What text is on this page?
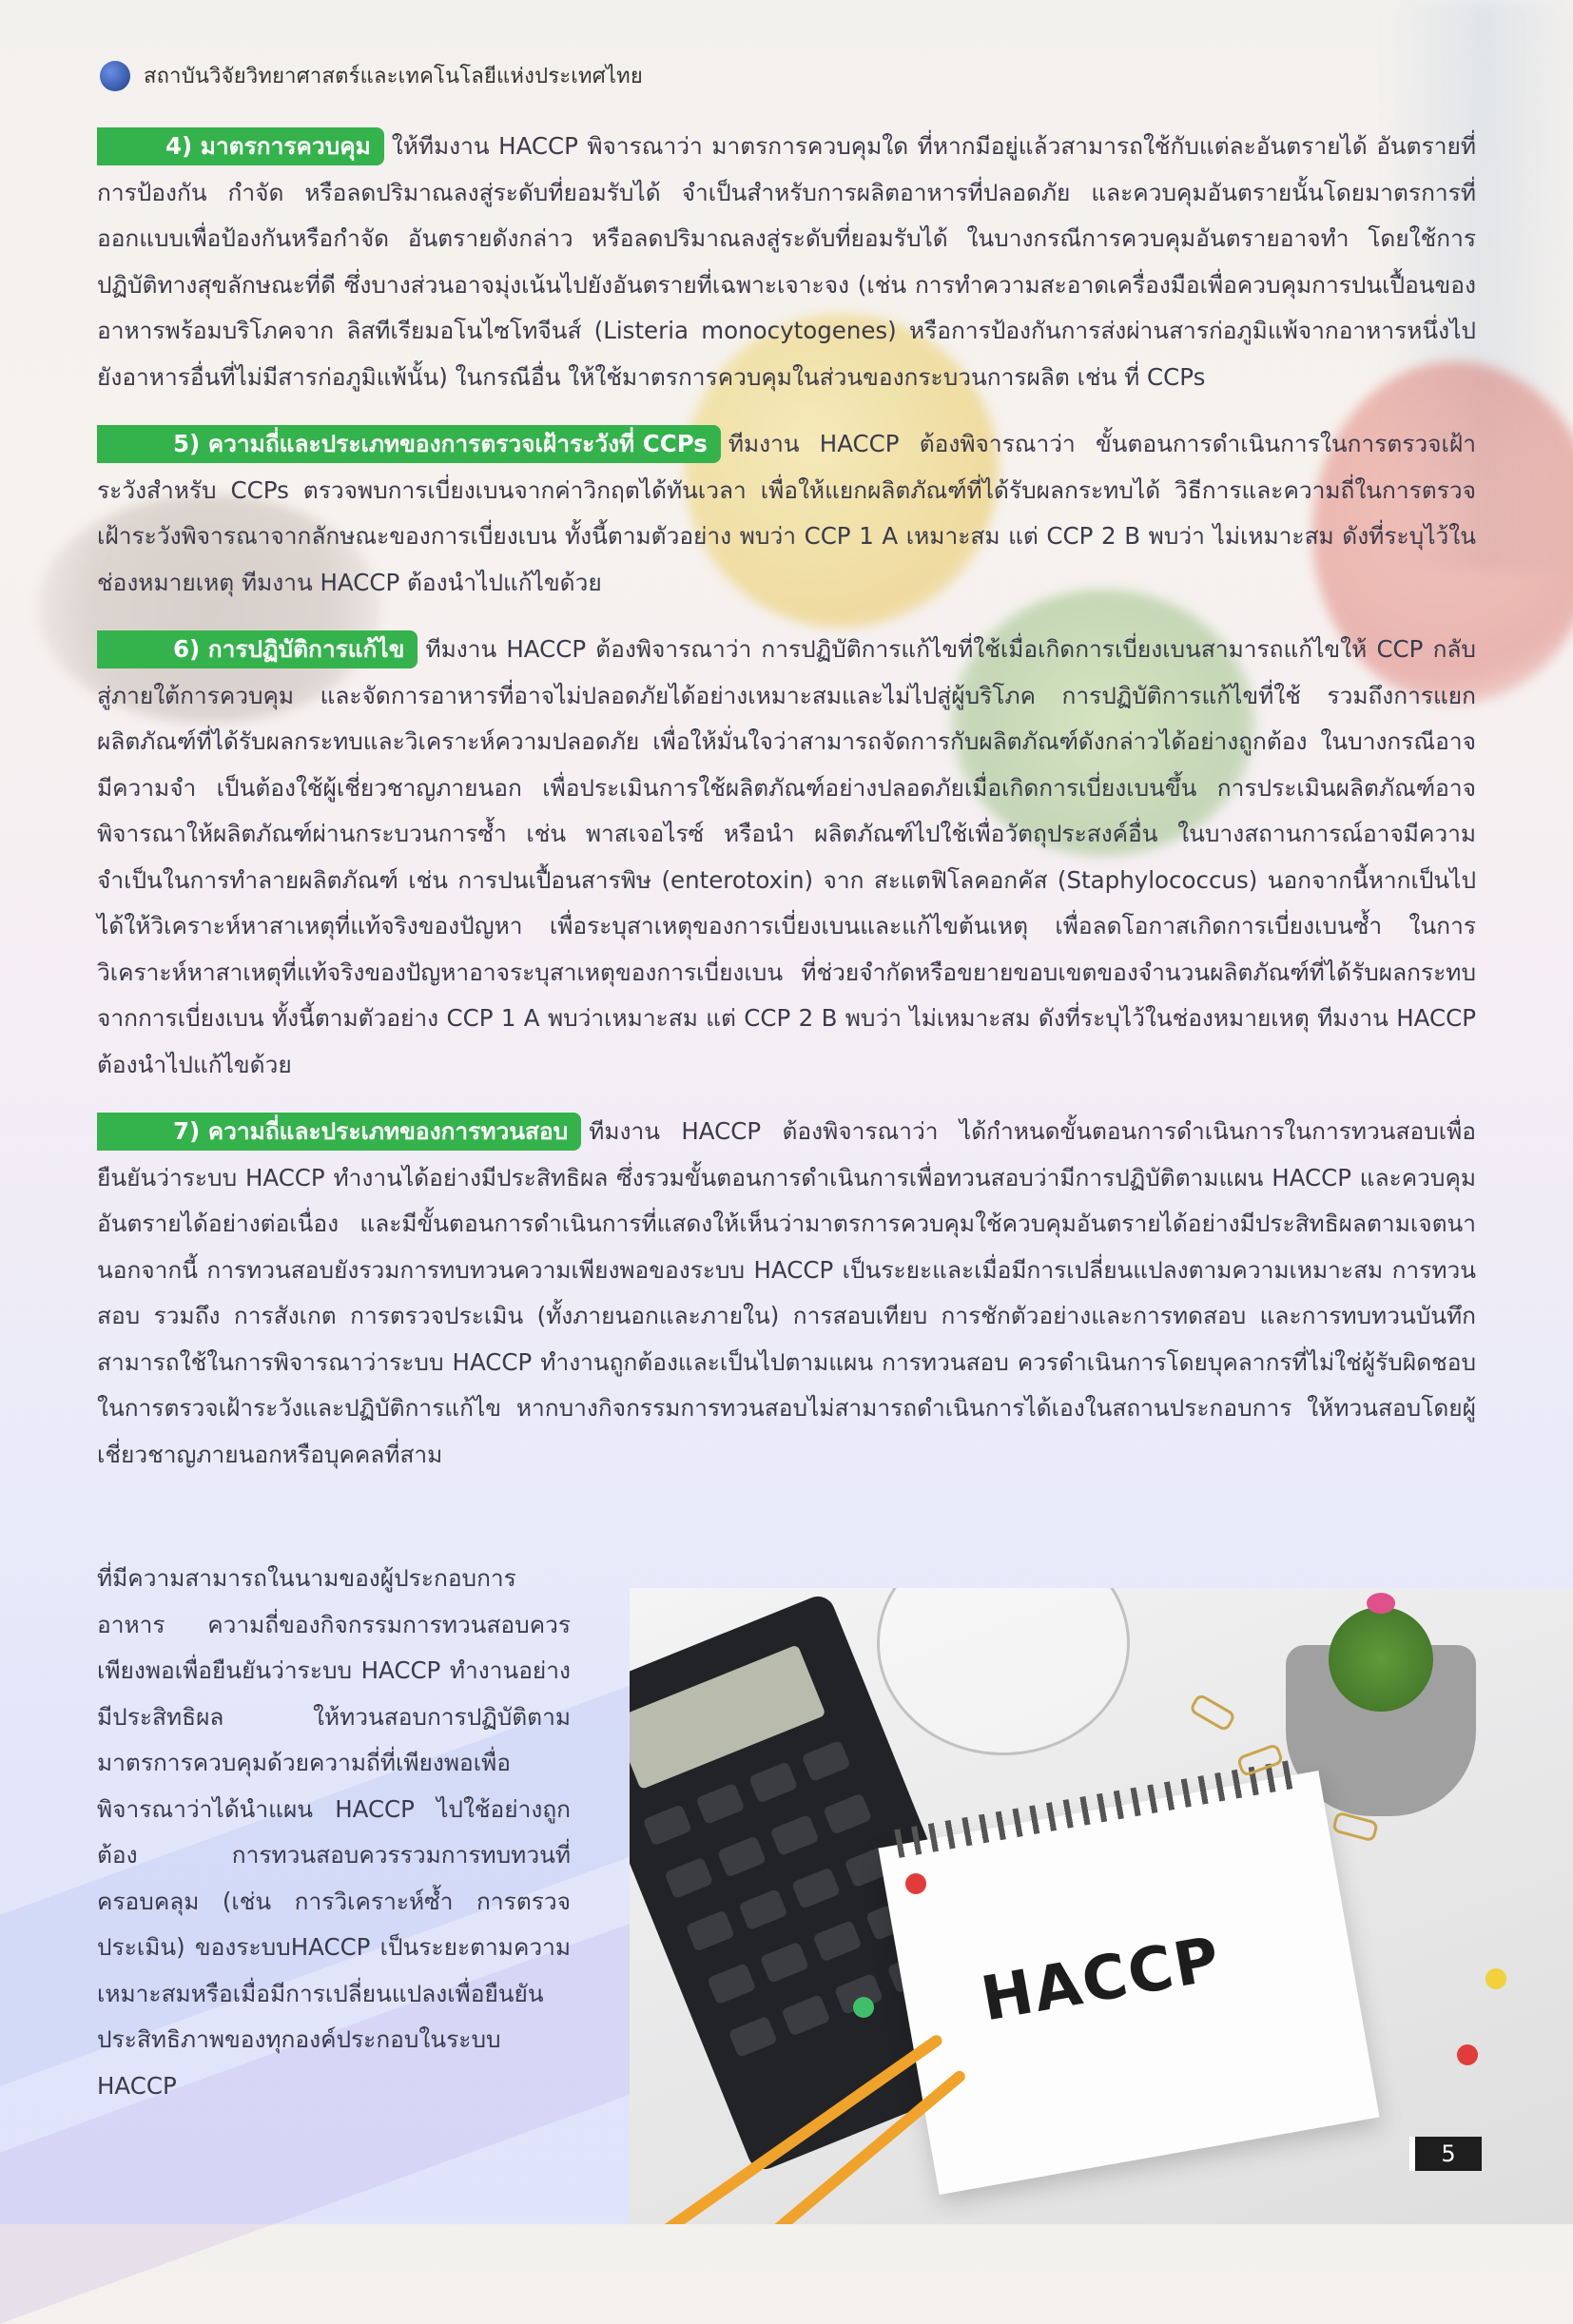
สถาบันวิจัยวิทยาศาสตร์และเทคโนโลยีแห่งประเทศไทย

4) มาตรการควบคุม ให้ทีมงาน HACCP พิจารณาว่า มาตรการควบคุมใด ที่หากมีอยู่แล้วสามารถใช้กับแต่ละอันตรายได้ อันตรายที่การป้องกัน กำจัด หรือลดปริมาณลงสู่ระดับที่ยอมรับได้ จำเป็นสำหรับการผลิตอาหารที่ปลอดภัย และควบคุมอันตรายนั้นโดยมาตรการที่ออกแบบเพื่อป้องกันหรือกำจัด อันตรายดังกล่าว หรือลดปริมาณลงสู่ระดับที่ยอมรับได้ ในบางกรณีการควบคุมอันตรายอาจทำ โดยใช้การปฏิบัติทางสุขลักษณะที่ดี ซึ่งบางส่วนอาจมุ่งเน้นไปยังอันตรายที่เฉพาะเจาะจง (เช่น การทำความสะอาดเครื่องมือเพื่อควบคุมการปนเปื้อนของอาหารพร้อมบริโภคจาก ลิสทีเรียมอโนไซโทจีนส์ (Listeria monocytogenes) หรือการป้องกันการส่งผ่านสารก่อภูมิแพ้จากอาหารหนึ่งไปยังอาหารอื่นที่ไม่มีสารก่อภูมิแพ้นั้น) ในกรณีอื่น ให้ใช้มาตรการควบคุมในส่วนของกระบวนการผลิต เช่น ที่ CCPs

5) ความถี่และประเภทของการตรวจเฝ้าระวังที่ CCPs ทีมงาน HACCP ต้องพิจารณาว่า ขั้นตอนการดำเนินการในการตรวจเฝ้าระวังสำหรับ CCPs ตรวจพบการเบี่ยงเบนจากค่าวิกฤตได้ทันเวลา เพื่อให้แยกผลิตภัณฑ์ที่ได้รับผลกระทบได้ วิธีการและความถี่ในการตรวจเฝ้าระวังพิจารณาจากลักษณะของการเบี่ยงเบน ทั้งนี้ตามตัวอย่าง พบว่า CCP 1 A เหมาะสม แต่ CCP 2 B พบว่า ไม่เหมาะสม ดังที่ระบุไว้ในช่องหมายเหตุ ทีมงาน HACCP ต้องนำไปแก้ไขด้วย

6) การปฏิบัติการแก้ไข ทีมงาน HACCP ต้องพิจารณาว่า การปฏิบัติการแก้ไขที่ใช้เมื่อเกิดการเบี่ยงเบนสามารถแก้ไขให้ CCP กลับสู่ภายใต้การควบคุม และจัดการอาหารที่อาจไม่ปลอดภัยได้อย่างเหมาะสมและไม่ไปสู่ผู้บริโภค การปฏิบัติการแก้ไขที่ใช้ รวมถึงการแยกผลิตภัณฑ์ที่ได้รับผลกระทบและวิเคราะห์ความปลอดภัย เพื่อให้มั่นใจว่าสามารถจัดการกับผลิตภัณฑ์ดังกล่าวได้อย่างถูกต้อง ในบางกรณีอาจมีความจำ เป็นต้องใช้ผู้เชี่ยวชาญภายนอก เพื่อประเมินการใช้ผลิตภัณฑ์อย่างปลอดภัยเมื่อเกิดการเบี่ยงเบนขึ้น การประเมินผลิตภัณฑ์อาจพิจารณาให้ผลิตภัณฑ์ผ่านกระบวนการซ้ำ เช่น พาสเจอไรซ์ หรือนำ ผลิตภัณฑ์ไปใช้เพื่อวัตถุประสงค์อื่น ในบางสถานการณ์อาจมีความจำเป็นในการทำลายผลิตภัณฑ์ เช่น การปนเปื้อนสารพิษ (enterotoxin) จาก สะแตฟิโลคอกคัส (Staphylococcus) นอกจากนี้หากเป็นไปได้ให้วิเคราะห์หาสาเหตุที่แท้จริงของปัญหา เพื่อระบุสาเหตุของการเบี่ยงเบนและแก้ไขต้นเหตุ เพื่อลดโอกาสเกิดการเบี่ยงเบนซ้ำ ในการวิเคราะห์หาสาเหตุที่แท้จริงของปัญหาอาจระบุสาเหตุของการเบี่ยงเบน ที่ช่วยจำกัดหรือขยายขอบเขตของจำนวนผลิตภัณฑ์ที่ได้รับผลกระทบจากการเบี่ยงเบน ทั้งนี้ตามตัวอย่าง CCP 1 A พบว่าเหมาะสม แต่ CCP 2 B พบว่า ไม่เหมาะสม ดังที่ระบุไว้ในช่องหมายเหตุ ทีมงาน HACCP ต้องนำไปแก้ไขด้วย

7) ความถี่และประเภทของการทวนสอบ ทีมงาน HACCP ต้องพิจารณาว่า ได้กำหนดขั้นตอนการดำเนินการในการทวนสอบเพื่อยืนยันว่าระบบ HACCP ทำงานได้อย่างมีประสิทธิผล ซึ่งรวมขั้นตอนการดำเนินการเพื่อทวนสอบว่ามีการปฏิบัติตามแผน HACCP และควบคุมอันตรายได้อย่างต่อเนื่อง และมีขั้นตอนการดำเนินการที่แสดงให้เห็นว่ามาตรการควบคุมใช้ควบคุมอันตรายได้อย่างมีประสิทธิผลตามเจตนา นอกจากนี้ การทวนสอบยังรวมการทบทวนความเพียงพอของระบบ HACCP เป็นระยะและเมื่อมีการเปลี่ยนแปลงตามความเหมาะสม การทวนสอบ รวมถึง การสังเกต การตรวจประเมิน (ทั้งภายนอกและภายใน) การสอบเทียบ การชักตัวอย่างและการทดสอบ และการทบทวนบันทึก สามารถใช้ในการพิจารณาว่าระบบ HACCP ทำงานถูกต้องและเป็นไปตามแผน การทวนสอบ ควรดำเนินการโดยบุคลากรที่ไม่ใช่ผู้รับผิดชอบในการตรวจเฝ้าระวังและปฏิบัติการแก้ไข หากบางกิจกรรมการทวนสอบไม่สามารถดำเนินการได้เองในสถานประกอบการ ให้ทวนสอบโดยผู้เชี่ยวชาญภายนอกหรือบุคคลที่สาม

ที่มีความสามารถในนามของผู้ประกอบการอาหาร ความถี่ของกิจกรรมการทวนสอบควรเพียงพอเพื่อยืนยันว่าระบบ HACCP ทำงานอย่างมีประสิทธิผล ให้ทวนสอบการปฏิบัติตามมาตรการควบคุมด้วยความถี่ที่เพียงพอเพื่อพิจารณาว่าได้นำแผน HACCP ไปใช้อย่างถูกต้อง การทวนสอบควรรวมการทบทวนที่ครอบคลุม (เช่น การวิเคราะห์ซ้ำ การตรวจประเมิน) ของระบบHACCP เป็นระยะตามความเหมาะสมหรือเมื่อมีการเปลี่ยนแปลงเพื่อยืนยันประสิทธิภาพของทุกองค์ประกอบในระบบ HACCP
HACCP
5
